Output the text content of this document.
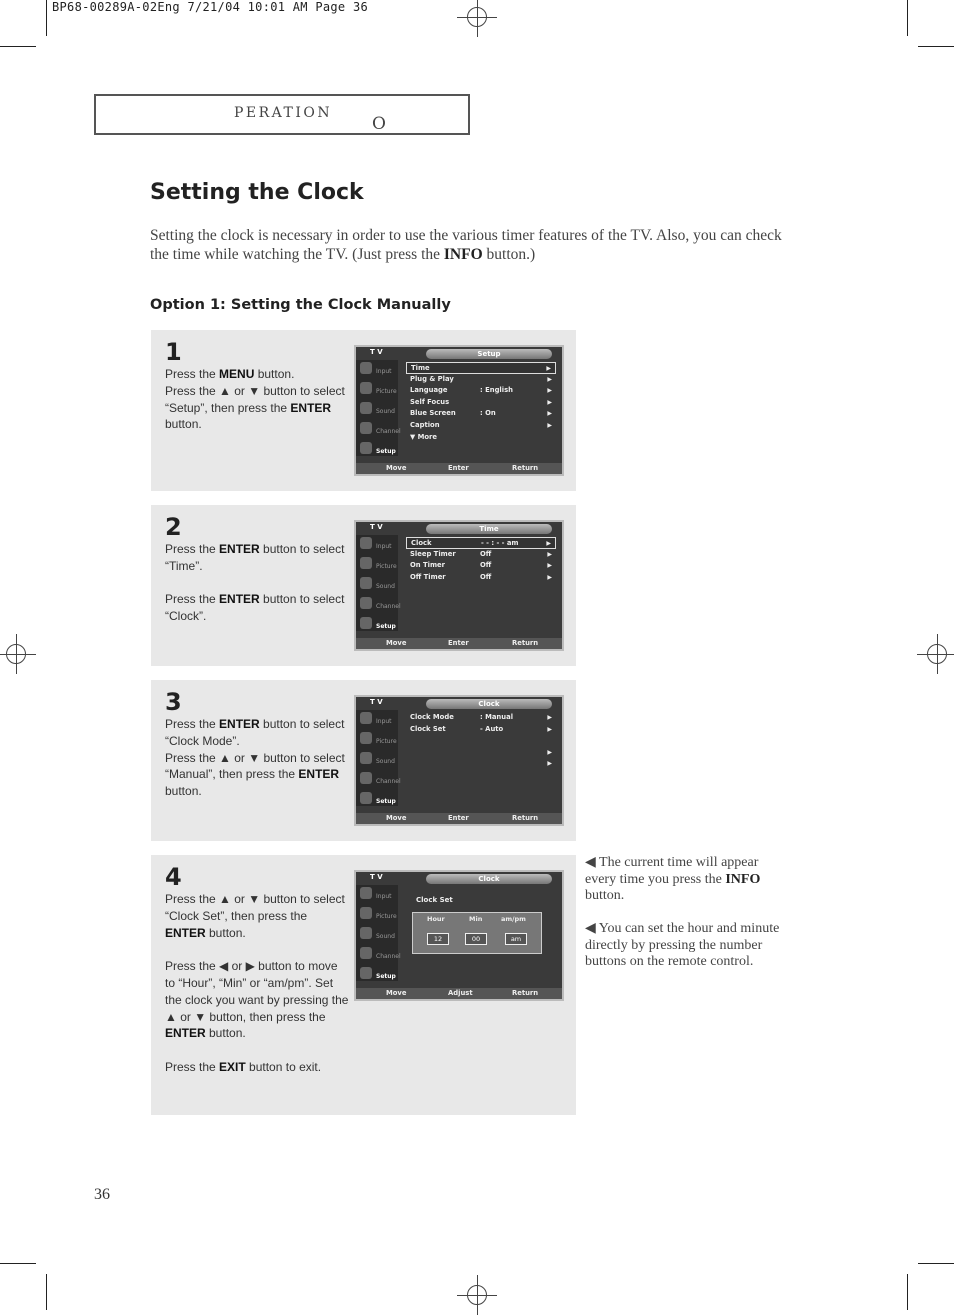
BP68-00289A-02Eng 7/21/04 10:01 AM Page 36
O
PERATION
Setting the Clock
Setting the clock is necessary in order to use the various timer features of the TV. Also, you can check the time while watching the TV. (Just press the INFO button.)
Option 1: Setting the Clock Manually
1

Press the MENU button.

Press the ▲ or ▼ button to select “Setup”, then press the ENTER button.

T V	Setup
Input
Picture
Sound
Channel
Setup
Time	▶
Plug & Play	▶
Language	: English	▶
Self Focus	▶
Blue Screen	: On	▶
Caption	▶
▼ More
Move	Enter	Return
2

Press the ENTER button to select “Time”.

Press the ENTER button to select “Clock”.

T V	Time
Input
Picture
Sound
Channel
Setup
Clock	- - : - - am	▶
Sleep Timer	Off	▶
On Timer	Off	▶
Off Timer	Off	▶
Move	Enter	Return
3

Press the ENTER button to select “Clock Mode”.

Press the ▲ or ▼ button to select “Manual”, then press the ENTER button.

T V	Clock
Input
Picture
Sound
Channel
Setup
Clock Mode	: Manual	▶
Clock Set	- Auto	▶
▶
▶
Move	Enter	Return
4

Press the ▲ or ▼ button to select “Clock Set”, then press the ENTER button.

Press the ◀ or ▶ button to move to “Hour”, “Min” or “am/pm”. Set the clock you want by pressing the ▲ or ▼ button, then press the ENTER button.

Press the EXIT button to exit.

T V	Clock
Input
Picture
Sound
Channel
Setup
Clock Set
Hour	Min	am/pm
12	00	am
Move	Adjust	Return
◀ The current time will appear every time you press the INFO button.
◀ You can set the hour and minute directly by pressing the number buttons on the remote control.
36
